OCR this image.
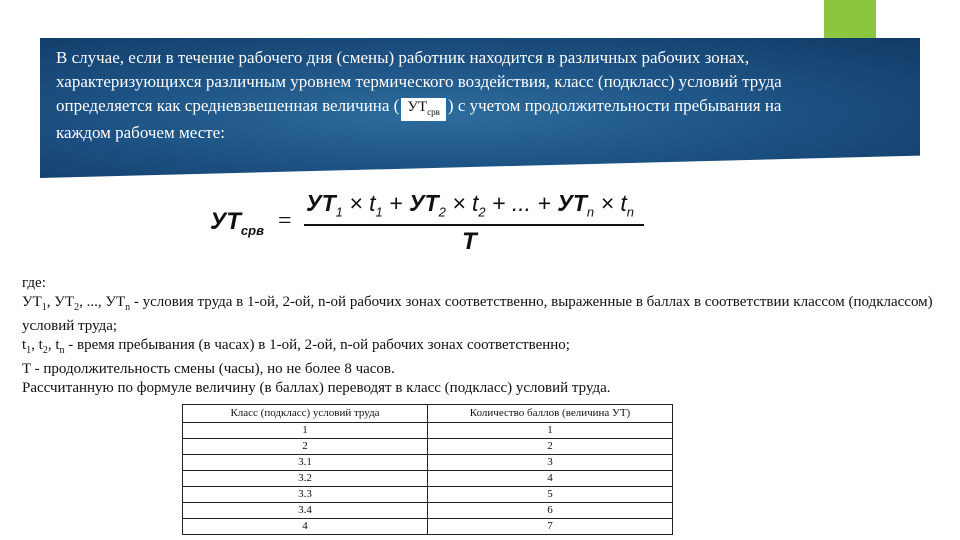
В случае, если в течение рабочего дня (смены) работник находится в различных рабочих зонах, характеризующихся различным уровнем термического воздействия, класс (подкласс) условий труда определяется как средневзвешенная величина ( $УТ_{срв}$ ) с учетом продолжительности пребывания на каждом рабочем месте:
$УТ_{срв}$ =
$УТ_1 \times t_1 + УТ_2 \times t_2$ + ... + $УТ_n \times t_n$
T

где:

$УТ_1$, $УТ_2$, ..., $УТ_n$ - условия труда в 1-ой, 2-ой, n-ой рабочих зонах соответственно, выраженные в баллах в соответствии классом (подклассом) условий труда;

$t_1$, $t_2$, $t_n$ - время пребывания (в часах) в 1-ой, 2-ой, n-ой рабочих зонах соответственно;

T - продолжительность смены (часы), но не более 8 часов.

Рассчитанную по формуле величину (в баллах) переводят в класс (подкласс) условий труда.

Класс (подкласс) условий труда	Количество баллов (величина УТ)
1	1
2	2
3.1	3
3.2	4
3.3	5
3.4	6
4	7
